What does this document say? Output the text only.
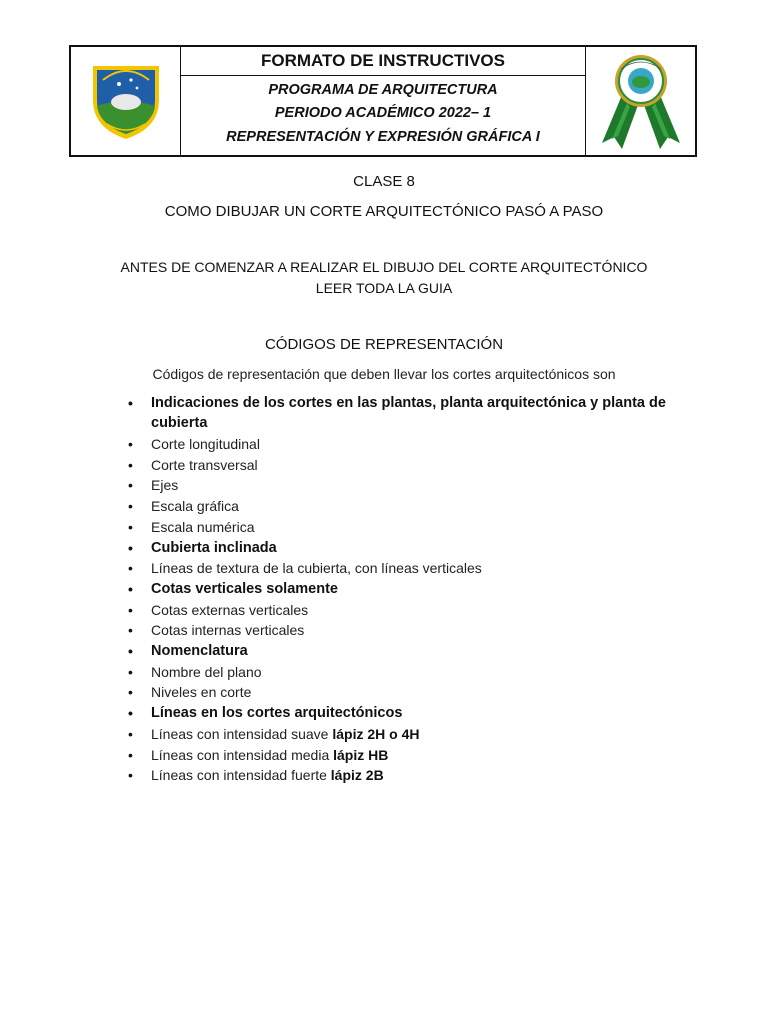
FORMATO DE INSTRUCTIVOS
PROGRAMA DE ARQUITECTURA
PERIODO ACADÉMICO 2022– 1
REPRESENTACIÓN Y EXPRESIÓN GRÁFICA I
CLASE 8
COMO DIBUJAR UN CORTE ARQUITECTÓNICO PASÓ A PASO
ANTES DE COMENZAR A REALIZAR EL DIBUJO DEL CORTE ARQUITECTÓNICO
LEER TODA LA GUIA
CÓDIGOS DE REPRESENTACIÓN
Códigos de representación que deben llevar los cortes arquitectónicos son
• Indicaciones de los cortes en las plantas, planta arquitectónica y planta de cubierta
• Corte longitudinal
• Corte transversal
• Ejes
• Escala gráfica
• Escala numérica
• Cubierta inclinada
• Líneas de textura de la cubierta, con líneas verticales
• Cotas verticales solamente
• Cotas externas verticales
• Cotas internas verticales
• Nomenclatura
• Nombre del plano
• Niveles en corte
• Líneas en los cortes arquitectónicos
• Líneas con intensidad suave lápiz 2H o 4H
• Líneas con intensidad media lápiz HB
• Líneas con intensidad fuerte lápiz 2B
